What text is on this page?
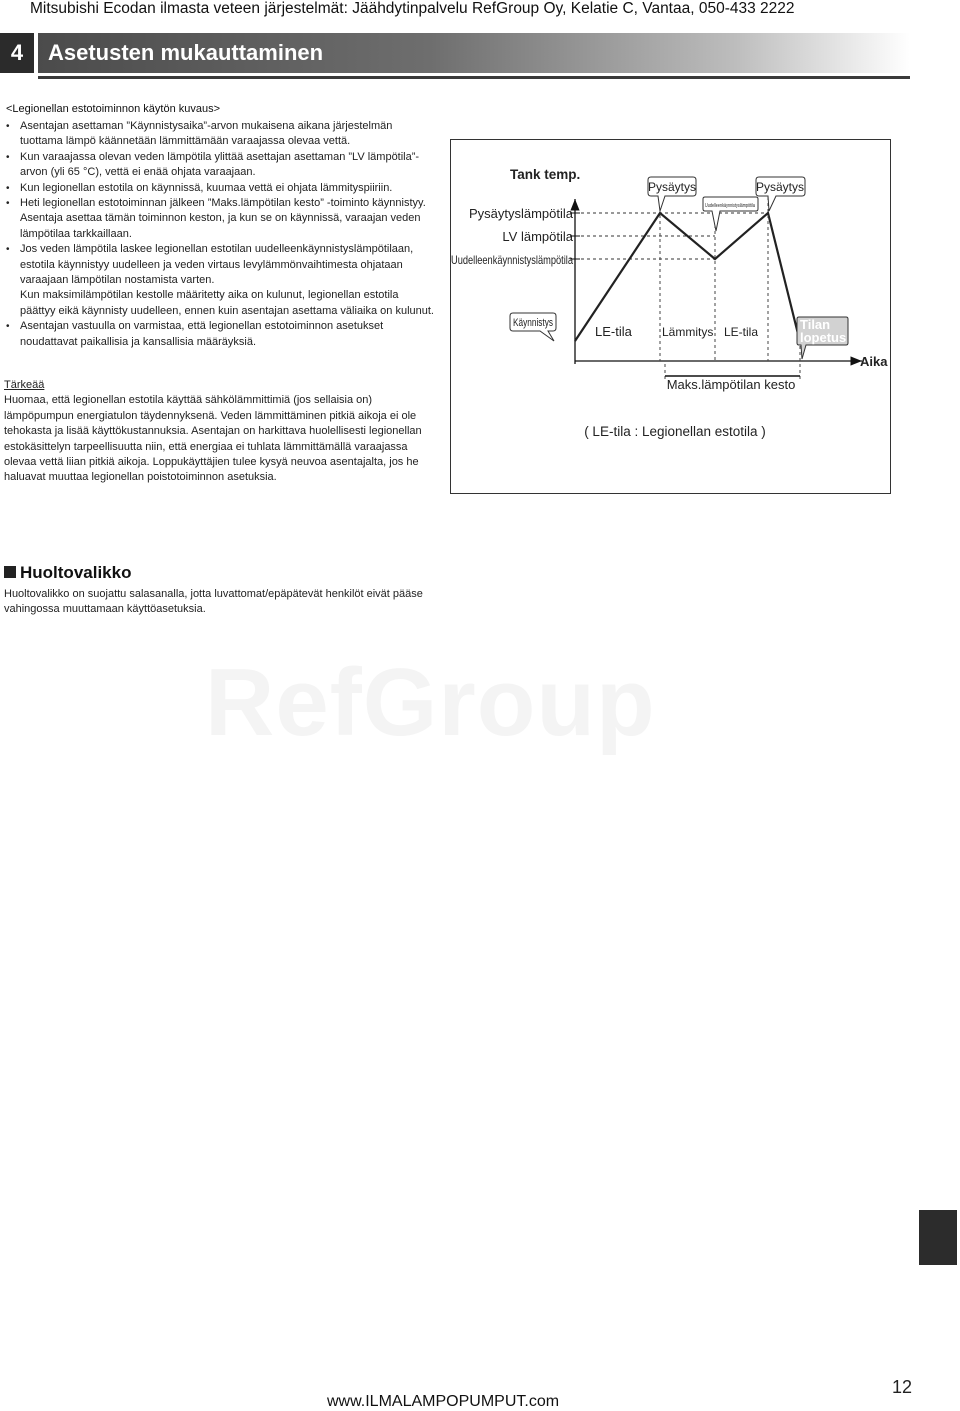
Mitsubishi Ecodan ilmasta veteen järjestelmät: Jäähdytinpalvelu RefGroup Oy, Kelatie C, Vantaa, 050-433 2222
4	Asetusten mukauttaminen
<Legionellan estotoiminnon käytön kuvaus>
• Asentajan asettaman ”Käynnistysaika”-arvon mukaisena aikana järjestelmän tuottama lämpö käännetään lämmittämään varaajassa olevaa vettä.
• Kun varaajassa olevan veden lämpötila ylittää asettajan asettaman ”LV lämpötila”-arvon (yli 65 °C), vettä ei enää ohjata varaajaan.
• Kun legionellan estotila on käynnissä, kuumaa vettä ei ohjata lämmityspiiriin.
• Heti legionellan estotoiminnan jälkeen ”Maks.lämpötilan kesto” -toiminto käynnistyy. Asentaja asettaa tämän toiminnon keston, ja kun se on käynnissä, varaajan veden lämpötilaa tarkkaillaan.
• Jos veden lämpötila laskee legionellan estotilan uudelleenkäynnistyslämpötilaan, estotila käynnistyy uudelleen ja veden virtaus levylämmönvaihtimesta ohjataan varaajaan lämpötilan nostamista varten.
Kun maksimilämpötilan kestolle määritetty aika on kulunut, legionellan estotila päättyy eikä käynnisty uudelleen, ennen kuin asentajan asettama väliaika on kulunut.
• Asentajan vastuulla on varmistaa, että legionellan estotoiminnon asetukset noudattavat paikallisia ja kansallisia määräyksiä.
Tärkeää
Huomaa, että legionellan estotila käyttää sähkölämmittimiä (jos sellaisia on) lämpöpumpun energiatulon täydennyksenä. Veden lämmittäminen pitkiä aikoja ei ole tehokasta ja lisää käyttökustannuksia. Asentajan on harkittava huolellisesti legionellan estokäsittelyn tarpeellisuutta niin, että energiaa ei tuhlata lämmittämällä varaajassa olevaa vettä liian pitkiä aikoja. Loppukäyttäjien tulee kysyä neuvoa asentajalta, jos he haluavat muuttaa legionellan poistotoiminnon asetuksia.
Tank temp.
Pysäytyslämpötila
LV lämpötila
Uudelleenkäynnistyslämpötila
Aika
Käynnistys
Pysäytys
Uudelleenkäynnistyslämpötila
Pysäytys
Tilan
lopetus
LE-tila	Lämmitys LE-tila
Maks.lämpötilan kesto
( LE-tila : Legionellan estotila )
Huoltovalikko
Huoltovalikko on suojattu salasanalla, jotta luvattomat/epäpätevät henkilöt eivät pääse vahingossa muuttamaan käyttöasetuksia.
RefGroup
12
www.ILMALAMPOPUMPUT.com
